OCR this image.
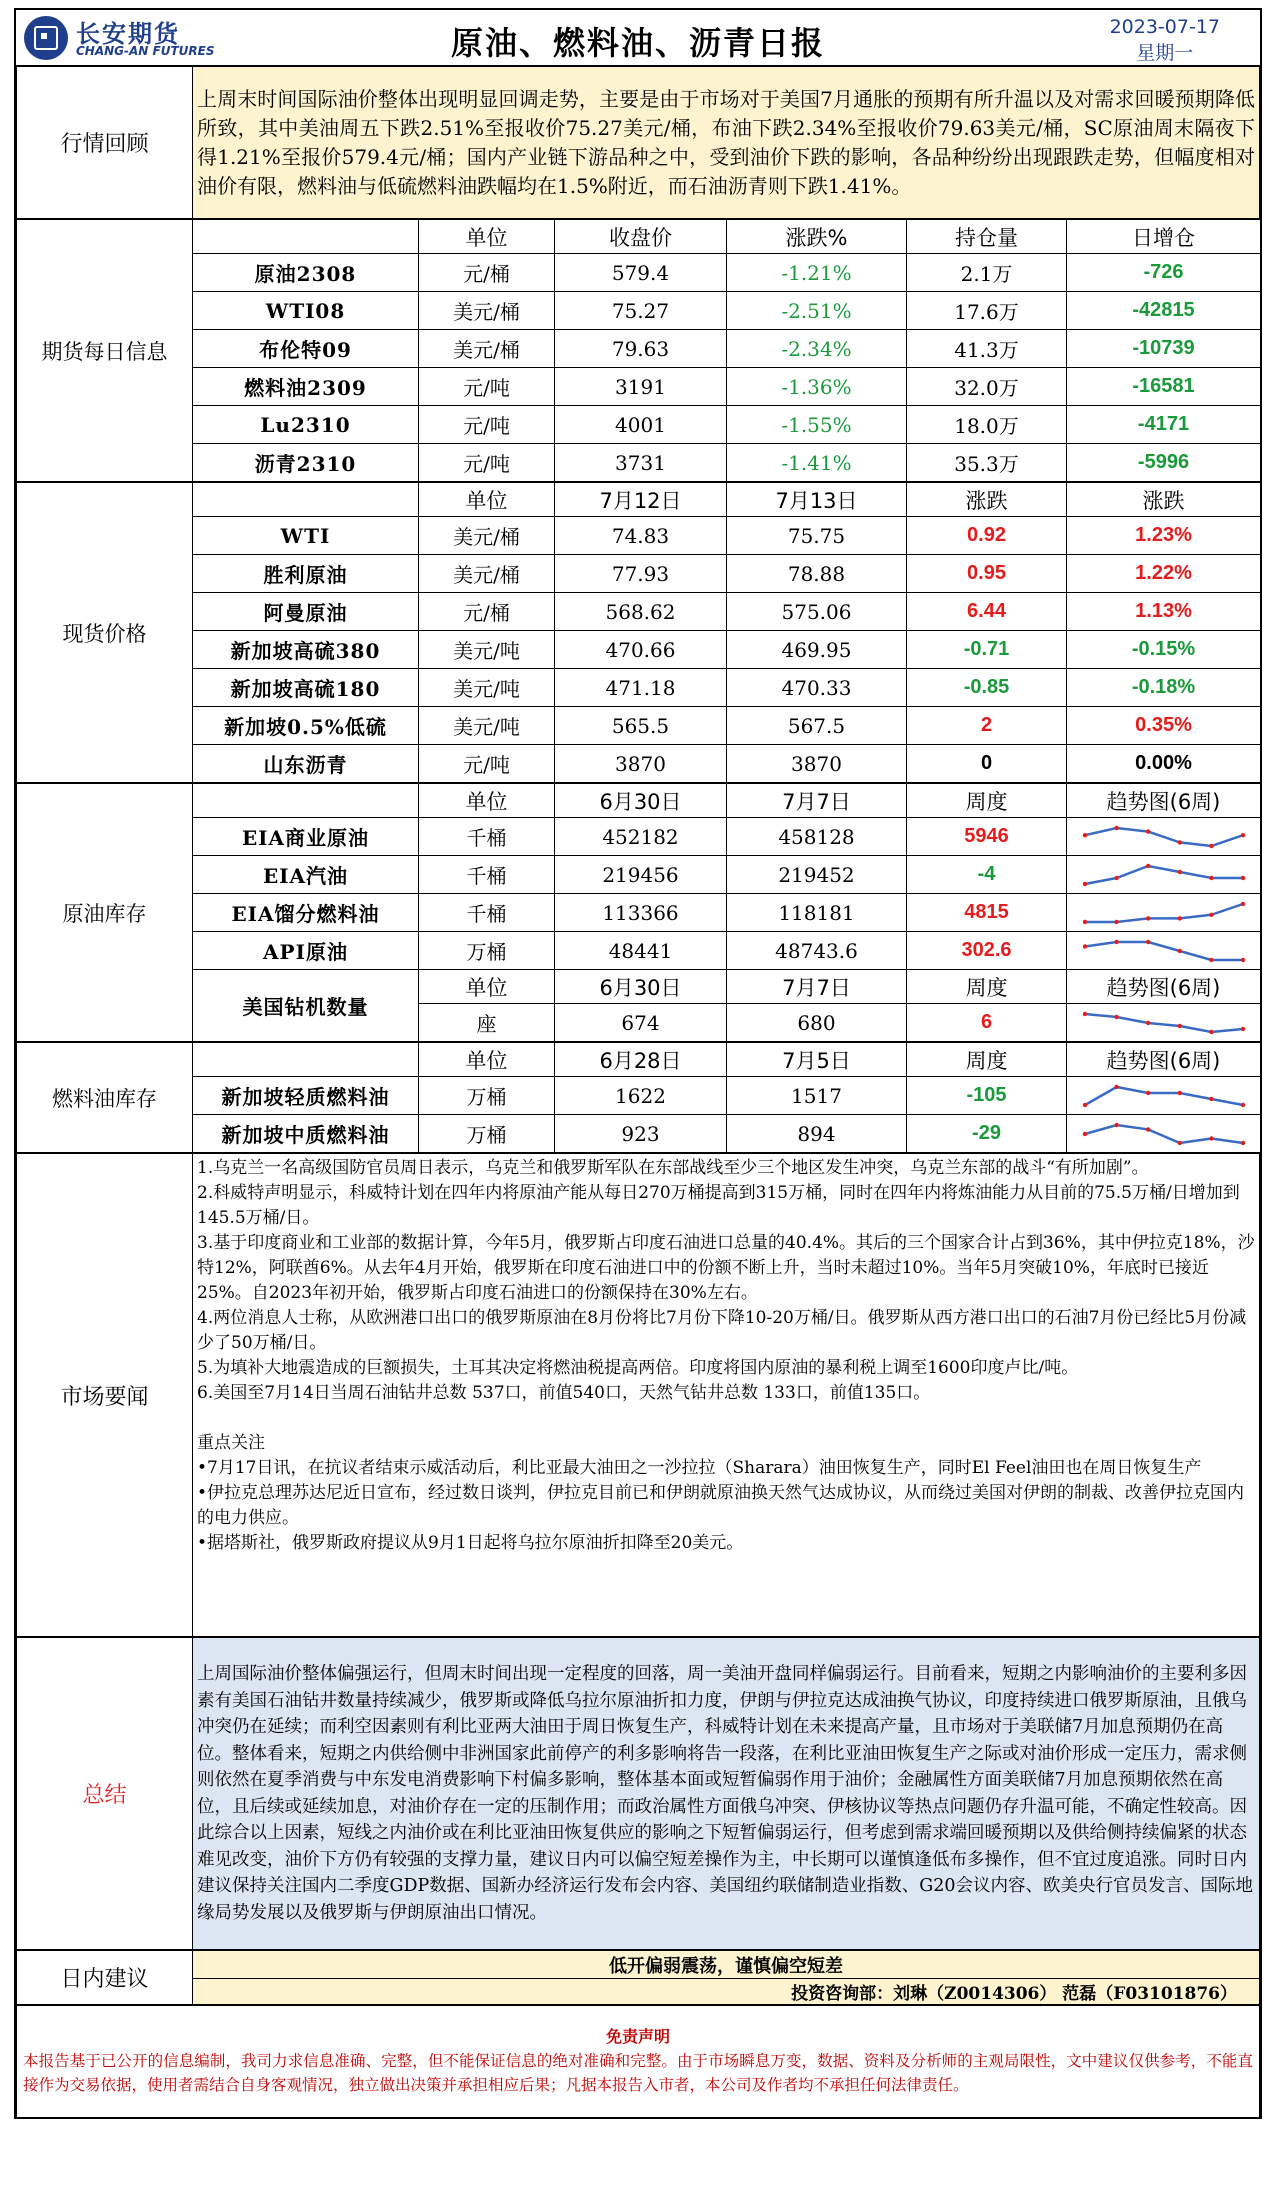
长安期货
CHANG-AN FUTURES	原油、燃料油、沥青日报	2023-07-17
星期一
行情回顾	上周末时间国际油价整体出现明显回调走势，主要是由于市场对于美国7月通胀的预期有所升温以及对需求回暖预期降低所致，其中美油周五下跌2.51%至报收价75.27美元/桶，布油下跌2.34%至报收价79.63美元/桶，SC原油周末隔夜下得1.21%至报价579.4元/桶；国内产业链下游品种之中，受到油价下跌的影响，各品种纷纷出现跟跌走势，但幅度相对油价有限，燃料油与低硫燃料油跌幅均在1.5%附近，而石油沥青则下跌1.41%。
期货每日信息		单位	收盘价	涨跌%	持仓量	日增仓
	原油2308	元/桶	579.4	-1.21%	2.1万	-726
	WTI08	美元/桶	75.27	-2.51%	17.6万	-42815
	布伦特09	美元/桶	79.63	-2.34%	41.3万	-10739
	燃料油2309	元/吨	3191	-1.36%	32.0万	-16581
	Lu2310	元/吨	4001	-1.55%	18.0万	-4171
	沥青2310	元/吨	3731	-1.41%	35.3万	-5996
现货价格		单位	7月12日	7月13日	涨跌	涨跌
	WTI	美元/桶	74.83	75.75	0.92	1.23%
	胜利原油	美元/桶	77.93	78.88	0.95	1.22%
	阿曼原油	元/桶	568.62	575.06	6.44	1.13%
	新加坡高硫380	美元/吨	470.66	469.95	-0.71	-0.15%
	新加坡高硫180	美元/吨	471.18	470.33	-0.85	-0.18%
	新加坡0.5%低硫	美元/吨	565.5	567.5	2	0.35%
	山东沥青	元/吨	3870	3870	0	0.00%
原油库存		单位	6月30日	7月7日	周度	趋势图(6周)
	EIA商业原油	千桶	452182	458128	5946	

	EIA汽油	千桶	219456	219452	-4	

	EIA馏分燃料油	千桶	113366	118181	4815	

	API原油	万桶	48441	48743.6	302.6	

	美国钻机数量	单位	6月30日	7月7日	周度	趋势图(6周)
		座	674	680	6	
燃料油库存		单位	6月28日	7月5日	周度	趋势图(6周)
	新加坡轻质燃料油	万桶	1622	1517	-105	

	新加坡中质燃料油	万桶	923	894	-29	
市场要闻	
1.乌克兰一名高级国防官员周日表示，乌克兰和俄罗斯军队在东部战线至少三个地区发生冲突，乌克兰东部的战斗“有所加剧”。
2.科威特声明显示，科威特计划在四年内将原油产能从每日270万桶提高到315万桶，同时在四年内将炼油能力从目前的75.5万桶/日增加到145.5万桶/日。
3.基于印度商业和工业部的数据计算，今年5月，俄罗斯占印度石油进口总量的40.4%。其后的三个国家合计占到36%，其中伊拉克18%，沙特12%，阿联酋6%。从去年4月开始，俄罗斯在印度石油进口中的份额不断上升，当时未超过10%。当年5月突破10%，年底时已接近25%。自2023年初开始，俄罗斯占印度石油进口的份额保持在30%左右。
4.两位消息人士称，从欧洲港口出口的俄罗斯原油在8月份将比7月份下降10-20万桶/日。俄罗斯从西方港口出口的石油7月份已经比5月份减少了50万桶/日。
5.为填补大地震造成的巨额损失，土耳其决定将燃油税提高两倍。印度将国内原油的暴利税上调至1600印度卢比/吨。
6.美国至7月14日当周石油钻井总数 537口，前值540口，天然气钻井总数 133口，前值135口。
重点关注
•7月17日讯，在抗议者结束示威活动后，利比亚最大油田之一沙拉拉（Sharara）油田恢复生产，同时El Feel油田也在周日恢复生产
•伊拉克总理苏达尼近日宣布，经过数日谈判，伊拉克目前已和伊朗就原油换天然气达成协议，从而绕过美国对伊朗的制裁、改善伊拉克国内的电力供应。
•据塔斯社，俄罗斯政府提议从9月1日起将乌拉尔原油折扣降至20美元。
总结	上周国际油价整体偏强运行，但周末时间出现一定程度的回落，周一美油开盘同样偏弱运行。目前看来，短期之内影响油价的主要利多因素有美国石油钻井数量持续减少，俄罗斯或降低乌拉尔原油折扣力度，伊朗与伊拉克达成油换气协议，印度持续进口俄罗斯原油，且俄乌冲突仍在延续；而利空因素则有利比亚两大油田于周日恢复生产，科威特计划在未来提高产量，且市场对于美联储7月加息预期仍在高位。整体看来，短期之内供给侧中非洲国家此前停产的利多影响将告一段落，在利比亚油田恢复生产之际或对油价形成一定压力，需求侧则依然在夏季消费与中东发电消费影响下村偏多影响，整体基本面或短暂偏弱作用于油价；金融属性方面美联储7月加息预期依然在高位，且后续或延续加息，对油价存在一定的压制作用；而政治属性方面俄乌冲突、伊核协议等热点问题仍存升温可能，不确定性较高。因此综合以上因素，短线之内油价或在利比亚油田恢复供应的影响之下短暂偏弱运行，但考虑到需求端回暖预期以及供给侧持续偏紧的状态难见改变，油价下方仍有较强的支撑力量，建议日内可以偏空短差操作为主，中长期可以谨慎逢低布多操作，但不宜过度追涨。同时日内建议保持关注国内二季度GDP数据、国新办经济运行发布会内容、美国纽约联储制造业指数、G20会议内容、欧美央行官员发言、国际地缘局势发展以及俄罗斯与伊朗原油出口情况。
日内建议	低开偏弱震荡，谨慎偏空短差
投资咨询部：刘琳（Z0014306） 范磊（F03101876）
免责声明
本报告基于已公开的信息编制，我司力求信息准确、完整，但不能保证信息的绝对准确和完整。由于市场瞬息万变，数据、资料及分析师的主观局限性，文中建议仅供参考，不能直接作为交易依据，使用者需结合自身客观情况，独立做出决策并承担相应后果；凡据本报告入市者，本公司及作者均不承担任何法律责任。
